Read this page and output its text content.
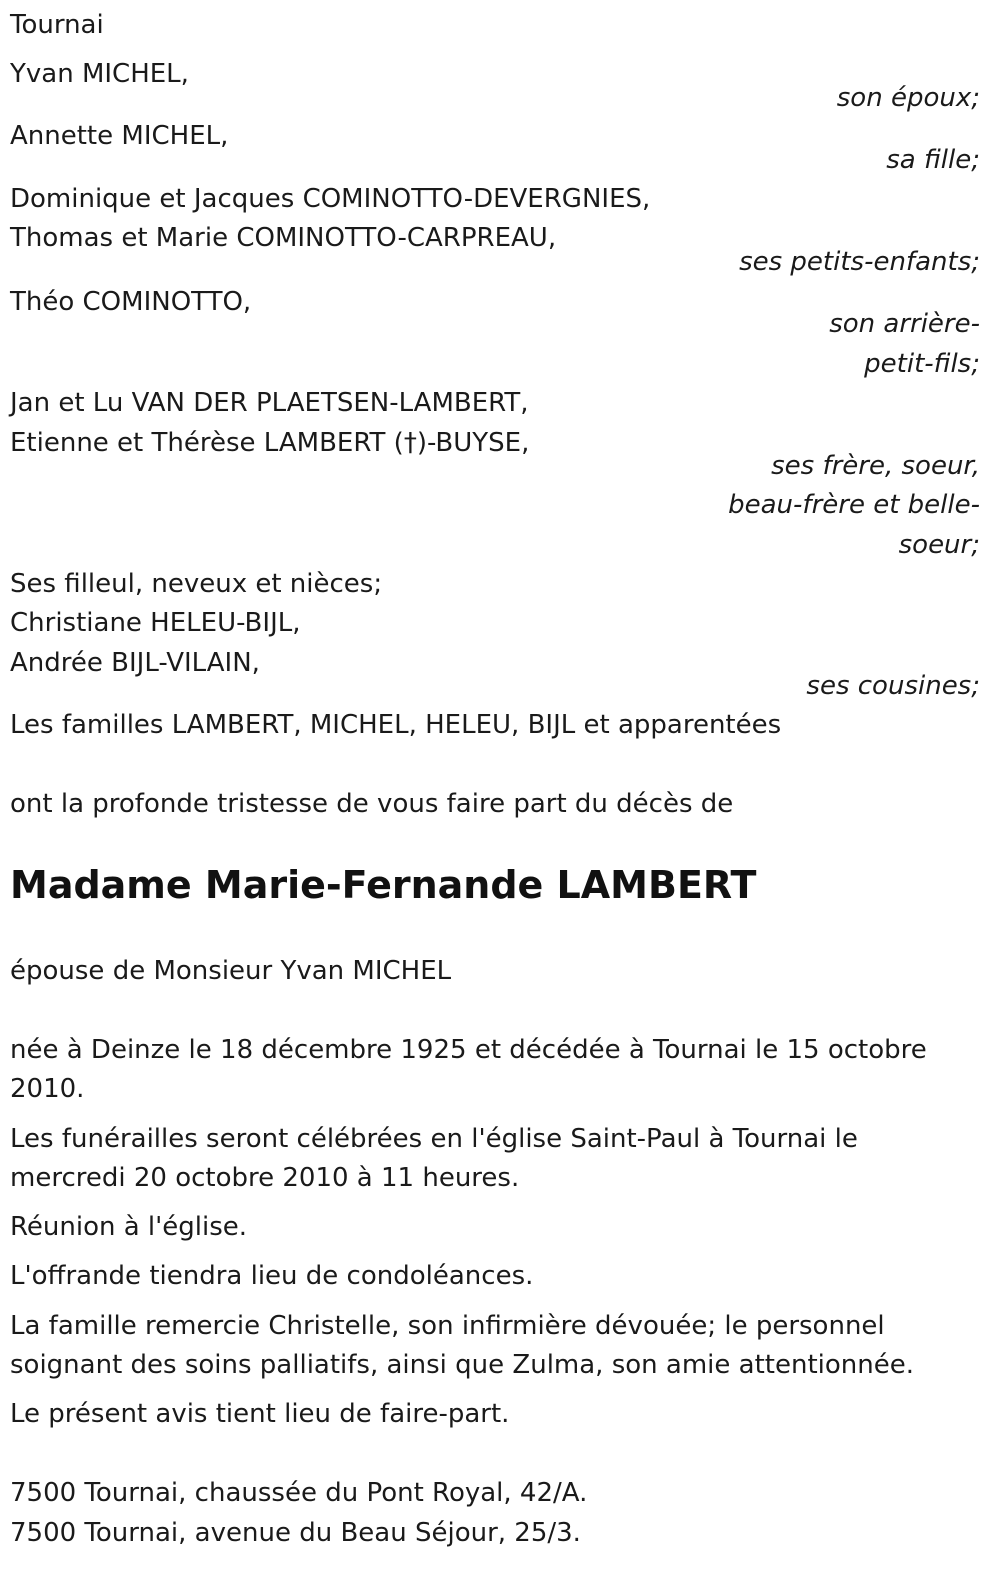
Tournai

Yvan MICHEL,

son époux;

Annette MICHEL,

sa fille;

Dominique et Jacques COMINOTTO-DEVERGNIES,

Thomas et Marie COMINOTTO-CARPREAU,

ses petits-enfants;

Théo COMINOTTO,

son arrière-

petit-fils;

Jan et Lu VAN DER PLAETSEN-LAMBERT,

Etienne et Thérèse LAMBERT (†)-BUYSE,

ses frère, soeur,

beau-frère et belle-

soeur;

Ses filleul, neveux et nièces;

Christiane HELEU-BIJL,

Andrée BIJL-VILAIN,

ses cousines;

Les familles LAMBERT, MICHEL, HELEU, BIJL et apparentées

ont la profonde tristesse de vous faire part du décès de

Madame Marie-Fernande LAMBERT

épouse de Monsieur Yvan MICHEL

née à Deinze le 18 décembre 1925 et décédée à Tournai le 15 octobre

2010.

Les funérailles seront célébrées en l'église Saint-Paul à Tournai le

mercredi 20 octobre 2010 à 11 heures.

Réunion à l'église.

L'offrande tiendra lieu de condoléances.

La famille remercie Christelle, son infirmière dévouée; le personnel

soignant des soins palliatifs, ainsi que Zulma, son amie attentionnée.

Le présent avis tient lieu de faire-part.

7500 Tournai, chaussée du Pont Royal, 42/A.

7500 Tournai, avenue du Beau Séjour, 25/3.
